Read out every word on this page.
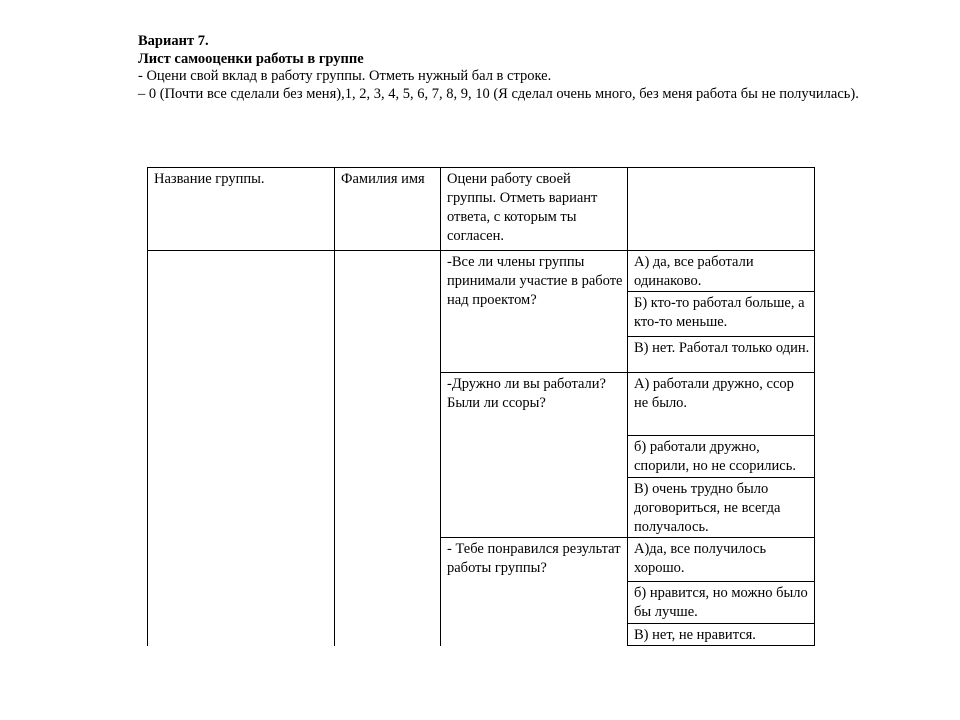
Вариант 7.
Лист самооценки работы в группе
- Оцени свой вклад в работу группы. Отметь нужный бал в строке.
– 0 (Почти все сделали без меня),1, 2, 3, 4, 5, 6, 7, 8, 9, 10 (Я сделал очень много, без меня работа бы не получилась).
Название группы.	Фамилия имя	Оцени работу своей группы. Отметь вариант ответа, с которым ты согласен.	
		-Все ли члены группы принимали участие в работе над проектом?	А) да, все работали одинаково.
			Б) кто-то работал больше, а кто-то меньше.
			В) нет. Работал только один.
		-Дружно ли вы работали? Были ли ссоры?	А) работали дружно, ссор не было.
			б) работали дружно, спорили, но не ссорились.
			В) очень трудно было договориться, не всегда получалось.
		- Тебе понравился результат работы группы?	А)да, все получилось хорошо.
			б) нравится, но можно было бы лучше.
			В) нет, не нравится.
